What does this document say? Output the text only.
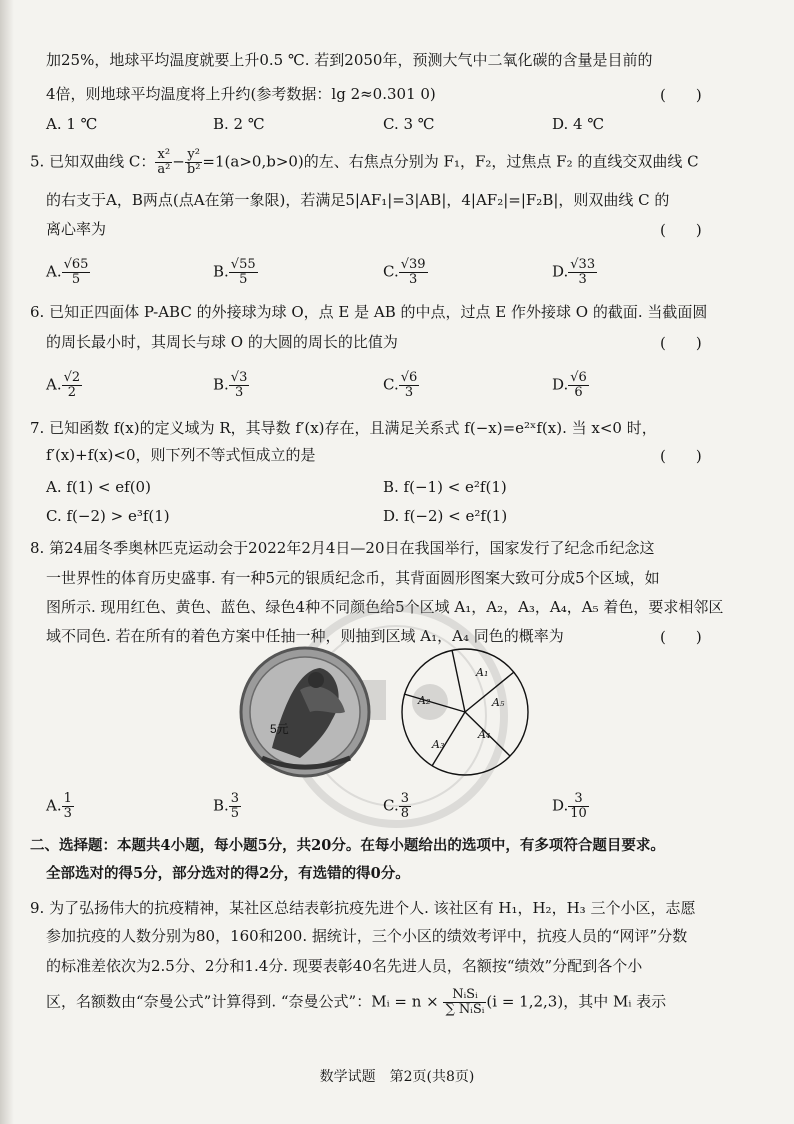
加25%，地球平均温度就要上升0.5 ℃. 若到2050年，预测大气中二氧化碳的含量是目前的
4倍，则地球平均温度将上升约(参考数据：lg 2≈0.301 0)	(　　)
A. 1 ℃	B. 2 ℃	C. 3 ℃	D. 4 ℃
5. 已知双曲线 C： $\frac{\text{x²}}{\text{a²}} - \frac{\text{y²}}{\text{b²}} =1(a>0,b>0)$的左、右焦点分别为 F₁，F₂，过焦点 F₂ 的直线交双曲线 C
的右支于A，B两点(点A在第一象限)，若满足5|AF₁|=3|AB|，4|AF₂|=|F₂B|，则双曲线 C 的
离心率为	(　　)
A. $\frac{√65}{5}$	B. $\frac{√55}{5}$	C. $\frac{√39}{3}$	D. $\frac{√33}{3}$
6. 已知正四面体 P-ABC 的外接球为球 O，点 E 是 AB 的中点，过点 E 作外接球 O 的截面. 当截面圆
的周长最小时，其周长与球 O 的大圆的周长的比值为	(　　)
A. $\frac{√2}{2}$	B. $\frac{√3}{3}$	C. $\frac{√6}{3}$	D. $\frac{√6}{6}$
7. 已知函数 f(x)的定义域为 R，其导数 f′(x)存在，且满足关系式 f(−x)=e²ˣf(x). 当 x<0 时，
f′(x)+f(x)<0，则下列不等式恒成立的是	(　　)
A. f(1) < ef(0)	B. f(−1) < e²f(1)
C. f(−2) > e³f(1)	D. f(−2) < e²f(1)
8. 第24届冬季奥林匹克运动会于2022年2月4日—20日在我国举行，国家发行了纪念币纪念这
一世界性的体育历史盛事. 有一种5元的银质纪念币，其背面圆形图案大致可分成5个区域，如
图所示. 现用红色、黄色、蓝色、绿色4种不同颜色给5个区域 A₁，A₂，A₃，A₄，A₅ 着色，要求相邻区
域不同色. 若在所有的着色方案中任抽一种，则抽到区域 A₁，A₄ 同色的概率为	(　　)
5元
A₁
A₂
A₃
A₄
A₅
A. $\frac{1}{3}$	B. $\frac{3}{5}$	C. $\frac{3}{8}$	D. $\frac{3}{10}$
二、选择题：本题共4小题，每小题5分，共20分。在每小题给出的选项中，有多项符合题目要求。
全部选对的得5分，部分选对的得2分，有选错的得0分。
9. 为了弘扬伟大的抗疫精神，某社区总结表彰抗疫先进个人. 该社区有 H₁，H₂，H₃ 三个小区，志愿
参加抗疫的人数分别为80，160和200. 据统计，三个小区的绩效考评中，抗疫人员的“网评”分数
的标准差依次为2.5分、2分和1.4分. 现要表彰40名先进人员，名额按“绩效”分配到各个小
区，名额数由“奈曼公式”计算得到. “奈曼公式”：Mᵢ = $n \times \frac{\text{NᵢSᵢ}}{\text{∑ NᵢSᵢ}} (i = 1,2,3)$，其中 Mᵢ 表示
数学试题　第2页(共8页)
